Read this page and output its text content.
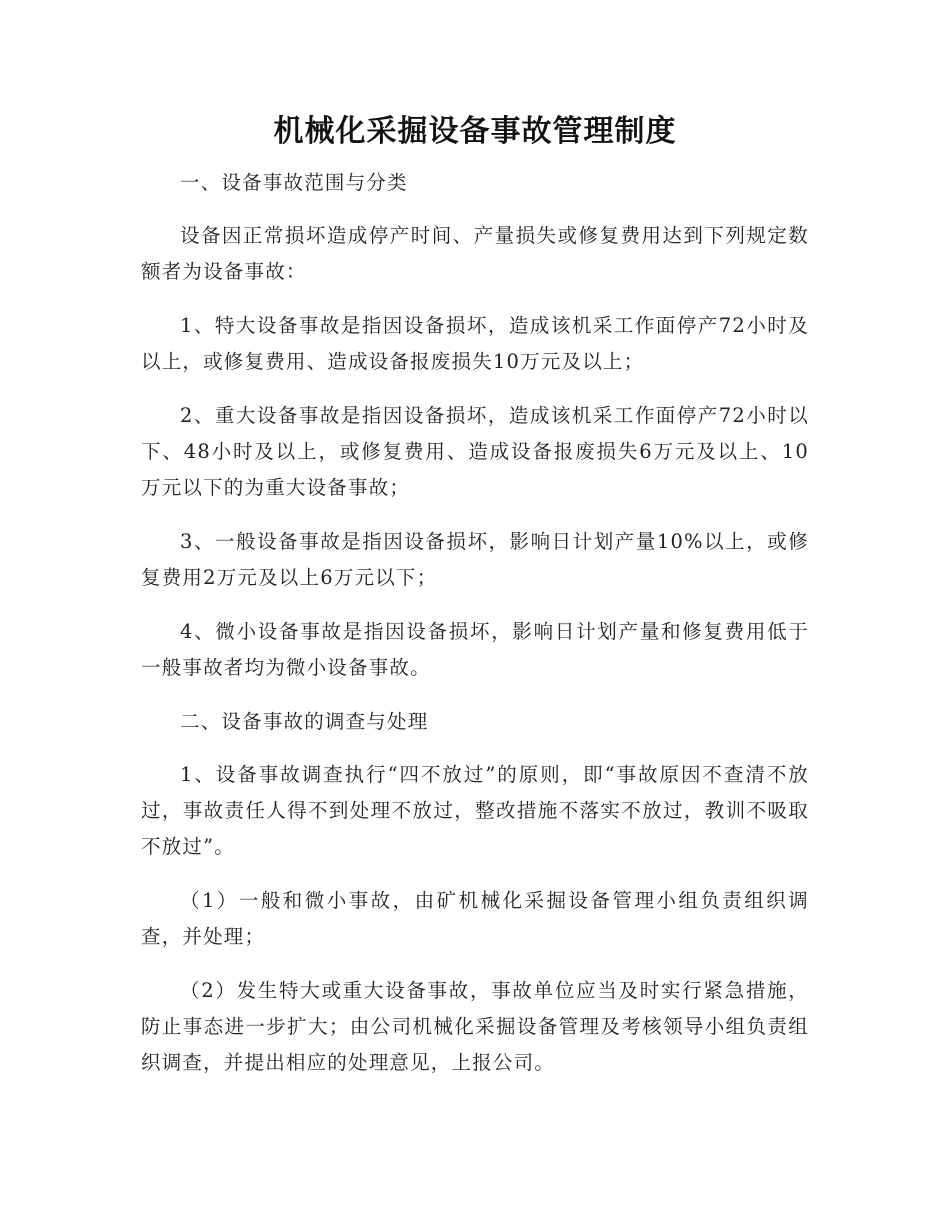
机械化采掘设备事故管理制度

一、设备事故范围与分类

设备因正常损坏造成停产时间、产量损失或修复费用达到下列规定数额者为设备事故：

1、特大设备事故是指因设备损坏，造成该机采工作面停产72小时及以上，或修复费用、造成设备报废损失10万元及以上；

2、重大设备事故是指因设备损坏，造成该机采工作面停产72小时以下、48小时及以上，或修复费用、造成设备报废损失6万元及以上、10万元以下的为重大设备事故；

3、一般设备事故是指因设备损坏，影响日计划产量10%以上，或修复费用2万元及以上6万元以下；

4、微小设备事故是指因设备损坏，影响日计划产量和修复费用低于一般事故者均为微小设备事故。

二、设备事故的调查与处理

1、设备事故调查执行“四不放过”的原则，即“事故原因不查清不放过，事故责任人得不到处理不放过，整改措施不落实不放过，教训不吸取不放过”。

（1）一般和微小事故，由矿机械化采掘设备管理小组负责组织调查，并处理；

（2）发生特大或重大设备事故，事故单位应当及时实行紧急措施，防止事态进一步扩大；由公司机械化采掘设备管理及考核领导小组负责组织调查，并提出相应的处理意见，上报公司。
